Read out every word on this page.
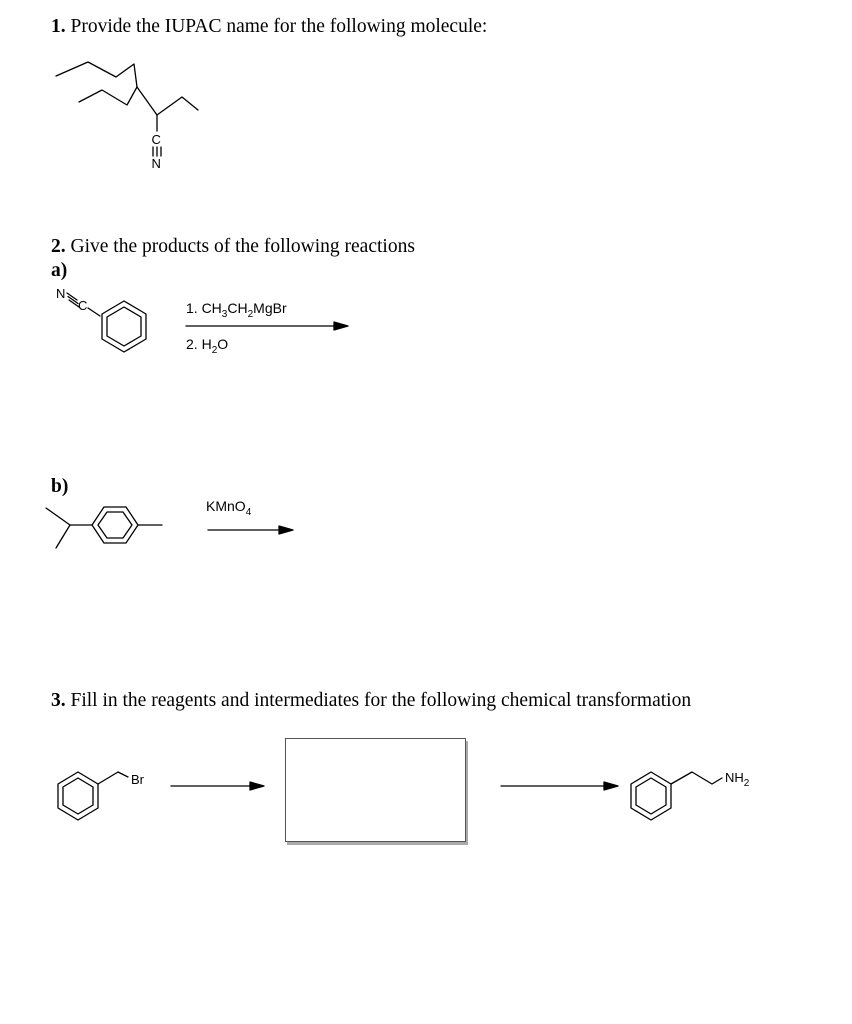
1. Provide the IUPAC name for the following molecule:
C
N
2. Give the products of the following reactions
a)
N
C	1. $CH_3CH_2MgBr$
2. $H_2O$
b)
KMnO$_4$
3. Fill in the reagents and intermediates for the following chemical transformation
Br	$NH_2$
